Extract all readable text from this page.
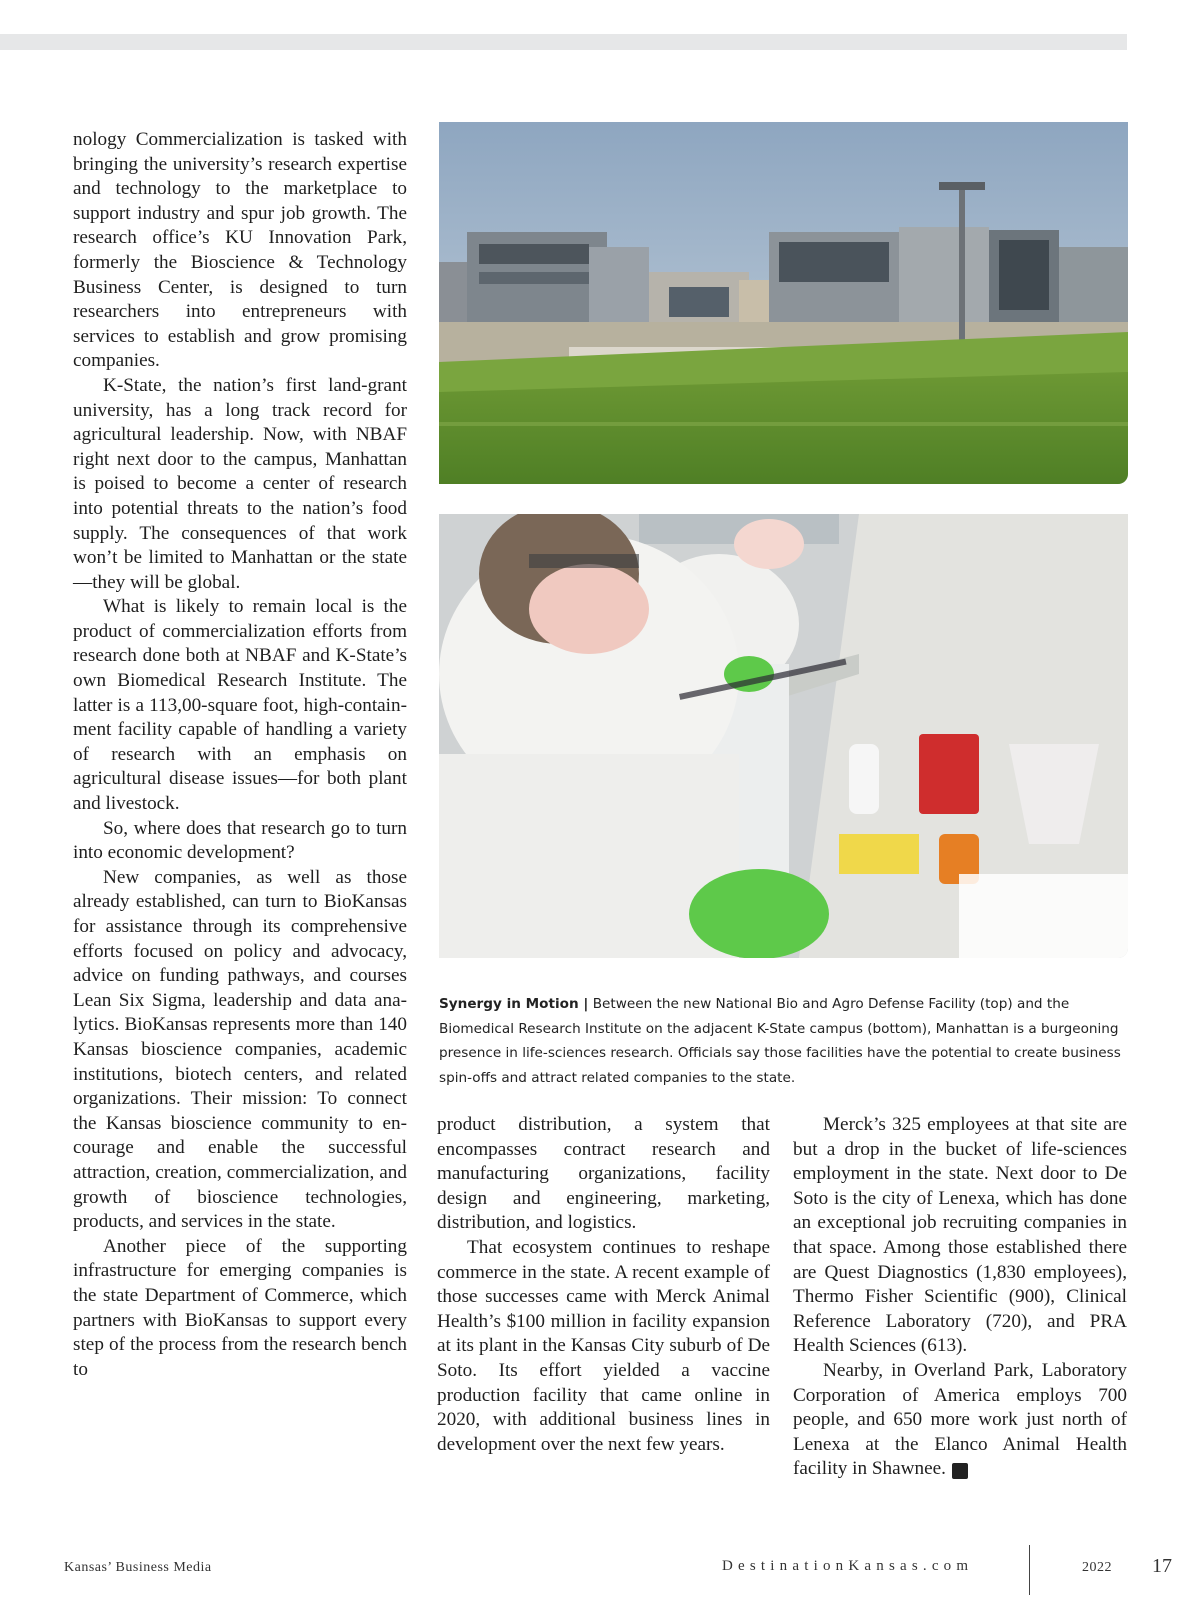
nology Commercialization is tasked with bringing the university’s research expertise and technology to the marketplace to support industry and spur job growth. The research office’s KU Innovation Park, formerly the Bioscience & Technology Business Center, is designed to turn researchers into entrepreneurs with services to establish and grow promising companies.

K-State, the nation’s first land-grant university, has a long track record for agricultural leadership. Now, with NBAF right next door to the campus, Manhattan is poised to become a center of research into potential threats to the nation’s food supply. The consequences of that work won’t be limited to Manhattan or the state—they will be global.

What is likely to remain local is the product of commercialization efforts from research done both at NBAF and K-State’s own Biomedical Research Institute. The latter is a 113,00-square foot, high-containment facility capable of handling a variety of research with an emphasis on agricultural disease issues—for both plant and livestock.

So, where does that research go to turn into economic development?

New companies, as well as those already established, can turn to BioKansas for assistance through its comprehensive efforts focused on policy and advocacy, advice on funding pathways, and courses Lean Six Sigma, leadership and data analytics. BioKansas represents more than 140 Kansas bioscience companies, academic institutions, biotech centers, and related organizations. Their mission: To connect the Kansas bioscience community to encourage and enable the successful attraction, creation, commercialization, and growth of bioscience technologies, products, and services in the state.

Another piece of the supporting infrastructure for emerging companies is the state Department of Commerce, which partners with BioKansas to support every step of the process from the research bench to

Synergy in Motion | Between the new National Bio and Agro Defense Facility (top) and the Biomedical Research Institute on the adjacent K-State campus (bottom), Manhattan is a burgeoning presence in life-sciences research. Officials say those facilities have the potential to create business spin-offs and attract related companies to the state.

product distribution, a system that encompasses contract research and manufacturing organizations, facility design and engineering, marketing, distribution, and logistics.

That ecosystem continues to reshape commerce in the state. A recent example of those successes came with Merck Animal Health’s $100 million in facility expansion at its plant in the Kansas City suburb of De Soto. Its effort yielded a vaccine production facility that came online in 2020, with additional business lines in development over the next few years.

Merck’s 325 employees at that site are but a drop in the bucket of life-sciences employment in the state. Next door to De Soto is the city of Lenexa, which has done an exceptional job recruiting companies in that space. Among those established there are Quest Diagnostics (1,830 employees), Thermo Fisher Scientific (900), Clinical Reference Laboratory (720), and PRA Health Sciences (613).

Nearby, in Overland Park, Laboratory Corporation of America employs 700 people, and 650 more work just north of Lenexa at the Elanco Animal Health facility in Shawnee.	I

Kansas’ Business Media	DestinationKansas.com	2022 17
